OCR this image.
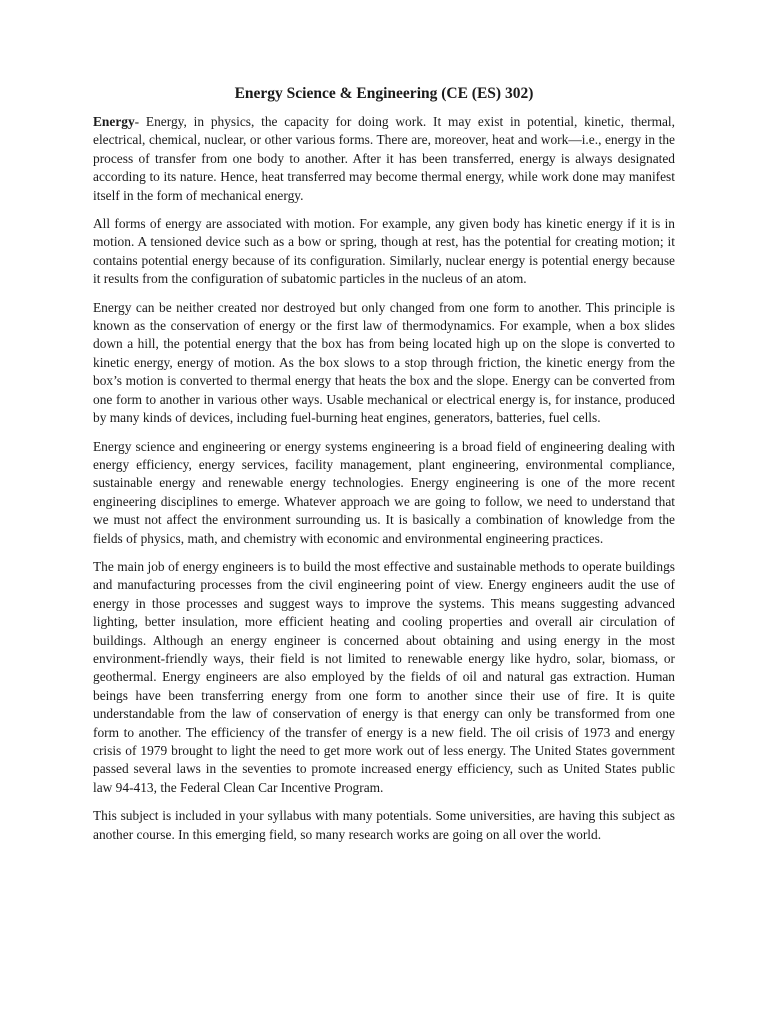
Energy Science & Engineering (CE (ES) 302)

Energy- Energy, in physics, the capacity for doing work. It may exist in potential, kinetic, thermal, electrical, chemical, nuclear, or other various forms. There are, moreover, heat and work—i.e., energy in the process of transfer from one body to another. After it has been transferred, energy is always designated according to its nature. Hence, heat transferred may become thermal energy, while work done may manifest itself in the form of mechanical energy.

All forms of energy are associated with motion. For example, any given body has kinetic energy if it is in motion. A tensioned device such as a bow or spring, though at rest, has the potential for creating motion; it contains potential energy because of its configuration. Similarly, nuclear energy is potential energy because it results from the configuration of subatomic particles in the nucleus of an atom.

Energy can be neither created nor destroyed but only changed from one form to another. This principle is known as the conservation of energy or the first law of thermodynamics. For example, when a box slides down a hill, the potential energy that the box has from being located high up on the slope is converted to kinetic energy, energy of motion. As the box slows to a stop through friction, the kinetic energy from the box’s motion is converted to thermal energy that heats the box and the slope. Energy can be converted from one form to another in various other ways. Usable mechanical or electrical energy is, for instance, produced by many kinds of devices, including fuel-burning heat engines, generators, batteries, fuel cells.

Energy science and engineering or energy systems engineering is a broad field of engineering dealing with energy efficiency, energy services, facility management, plant engineering, environmental compliance, sustainable energy and renewable energy technologies. Energy engineering is one of the more recent engineering disciplines to emerge. Whatever approach we are going to follow, we need to understand that we must not affect the environment surrounding us. It is basically a combination of knowledge from the fields of physics, math, and chemistry with economic and environmental engineering practices.

The main job of energy engineers is to build the most effective and sustainable methods to operate buildings and manufacturing processes from the civil engineering point of view. Energy engineers audit the use of energy in those processes and suggest ways to improve the systems. This means suggesting advanced lighting, better insulation, more efficient heating and cooling properties and overall air circulation of buildings. Although an energy engineer is concerned about obtaining and using energy in the most environment-friendly ways, their field is not limited to renewable energy like hydro, solar, biomass, or geothermal. Energy engineers are also employed by the fields of oil and natural gas extraction. Human beings have been transferring energy from one form to another since their use of fire. It is quite understandable from the law of conservation of energy is that energy can only be transformed from one form to another. The efficiency of the transfer of energy is a new field. The oil crisis of 1973 and energy crisis of 1979 brought to light the need to get more work out of less energy. The United States government passed several laws in the seventies to promote increased energy efficiency, such as United States public law 94-413, the Federal Clean Car Incentive Program.

This subject is included in your syllabus with many potentials. Some universities, are having this subject as another course. In this emerging field, so many research works are going on all over the world.
